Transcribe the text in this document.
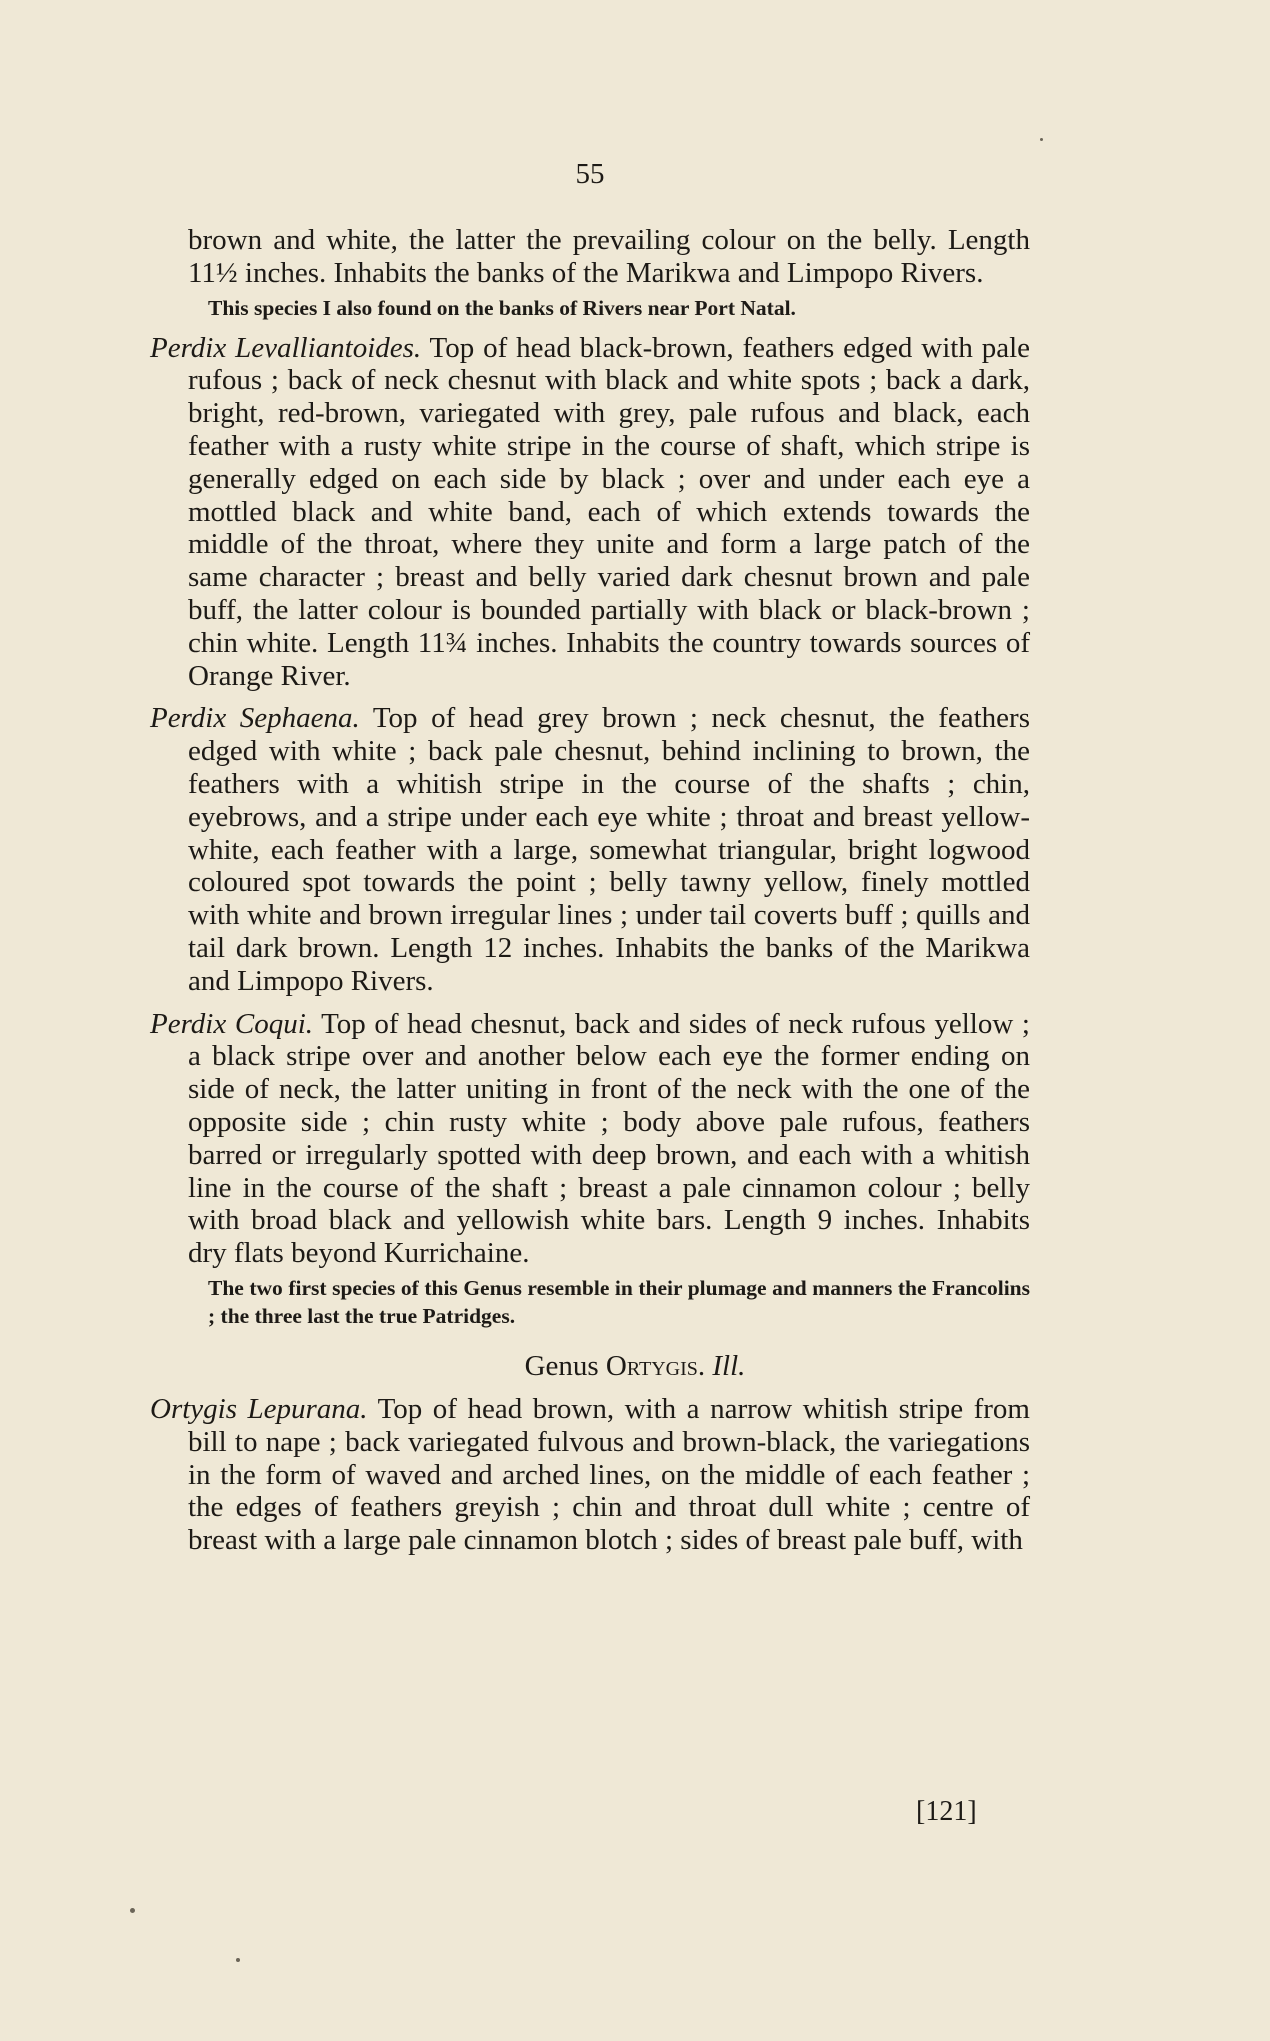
55

brown and white, the latter the prevailing colour on the belly. Length 11½ inches. Inhabits the banks of the Marikwa and Limpopo Rivers.

This species I also found on the banks of Rivers near Port Natal.

Perdix Levalliantoides. Top of head black-brown, feathers edged with pale rufous ; back of neck chesnut with black and white spots ; back a dark, bright, red-brown, variegated with grey, pale rufous and black, each feather with a rusty white stripe in the course of shaft, which stripe is generally edged on each side by black ; over and under each eye a mottled black and white band, each of which extends towards the middle of the throat, where they unite and form a large patch of the same character ; breast and belly varied dark chesnut brown and pale buff, the latter colour is bounded partially with black or black-brown ; chin white. Length 11¾ inches. Inhabits the country towards sources of Orange River.

Perdix Sephaena. Top of head grey brown ; neck chesnut, the feathers edged with white ; back pale chesnut, behind inclining to brown, the feathers with a whitish stripe in the course of the shafts ; chin, eyebrows, and a stripe under each eye white ; throat and breast yellow-white, each feather with a large, somewhat triangular, bright logwood coloured spot towards the point ; belly tawny yellow, finely mottled with white and brown irregular lines ; under tail coverts buff ; quills and tail dark brown. Length 12 inches. Inhabits the banks of the Marikwa and Limpopo Rivers.

Perdix Coqui. Top of head chesnut, back and sides of neck rufous yellow ; a black stripe over and another below each eye the former ending on side of neck, the latter uniting in front of the neck with the one of the opposite side ; chin rusty white ; body above pale rufous, feathers barred or irregularly spotted with deep brown, and each with a whitish line in the course of the shaft ; breast a pale cinnamon colour ; belly with broad black and yellowish white bars. Length 9 inches. Inhabits dry flats beyond Kurrichaine.

The two first species of this Genus resemble in their plumage and manners the Francolins ; the three last the true Patridges.

Genus Ortygis. Ill.

Ortygis Lepurana. Top of head brown, with a narrow whitish stripe from bill to nape ; back variegated fulvous and brown-black, the variegations in the form of waved and arched lines, on the middle of each feather ; the edges of feathers greyish ; chin and throat dull white ; centre of breast with a large pale cinnamon blotch ; sides of breast pale buff, with

[121]
